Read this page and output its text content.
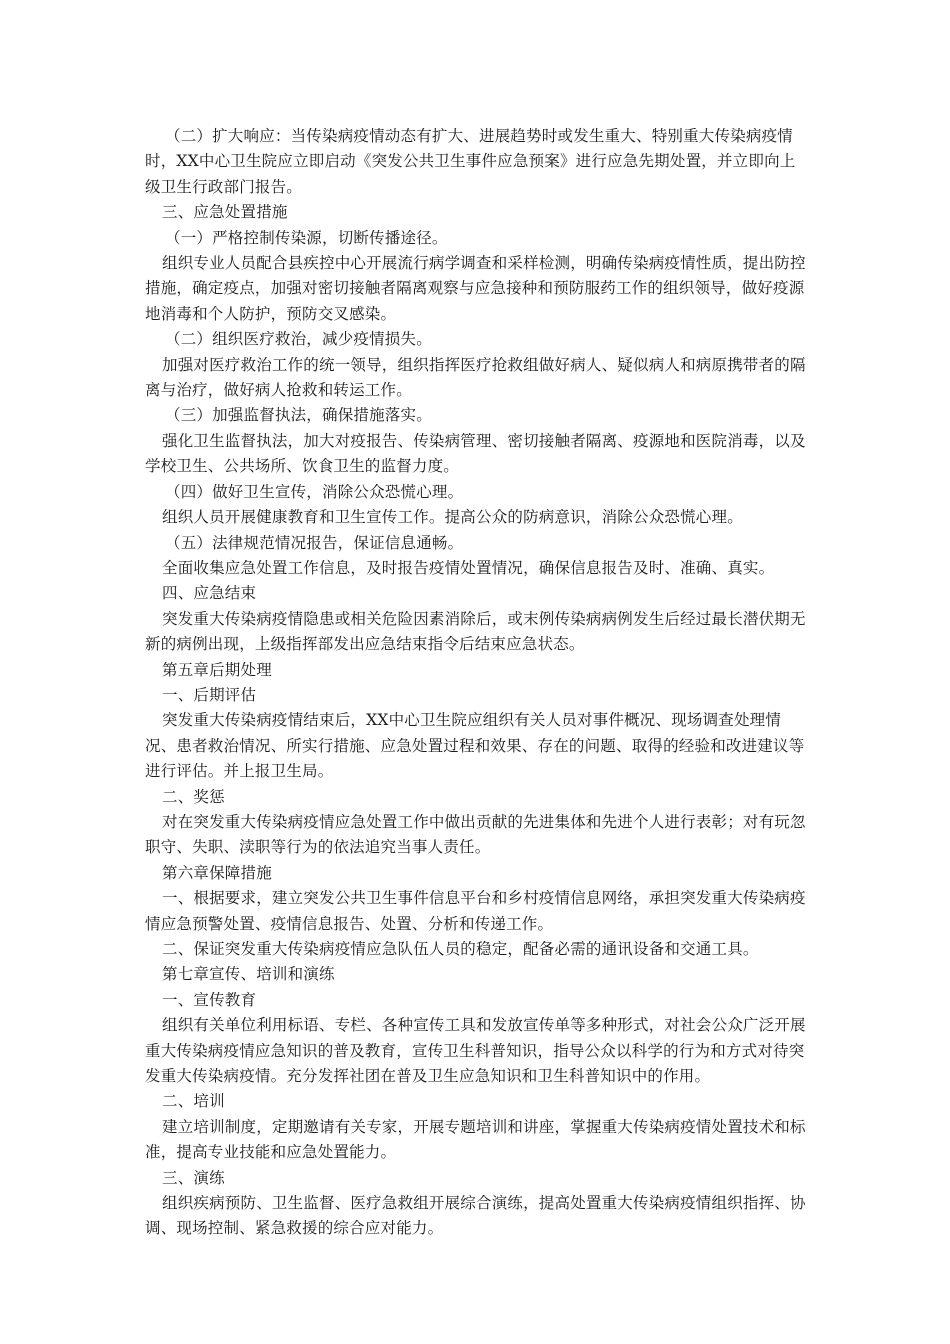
（二）扩大响应：当传染病疫情动态有扩大、进展趋势时或发生重大、特别重大传染病疫情时，XX中心卫生院应立即启动《突发公共卫生事件应急预案》进行应急先期处置，并立即向上级卫生行政部门报告。

三、应急处置措施

（一）严格控制传染源，切断传播途径。

组织专业人员配合县疾控中心开展流行病学调查和采样检测，明确传染病疫情性质，提出防控措施，确定疫点，加强对密切接触者隔离观察与应急接种和预防服药工作的组织领导，做好疫源地消毒和个人防护，预防交叉感染。

（二）组织医疗救治，减少疫情损失。

加强对医疗救治工作的统一领导，组织指挥医疗抢救组做好病人、疑似病人和病原携带者的隔离与治疗，做好病人抢救和转运工作。

（三）加强监督执法，确保措施落实。

强化卫生监督执法，加大对疫报告、传染病管理、密切接触者隔离、疫源地和医院消毒，以及学校卫生、公共场所、饮食卫生的监督力度。

（四）做好卫生宣传，消除公众恐慌心理。

组织人员开展健康教育和卫生宣传工作。提高公众的防病意识，消除公众恐慌心理。

（五）法律规范情况报告，保证信息通畅。

全面收集应急处置工作信息，及时报告疫情处置情况，确保信息报告及时、准确、真实。

四、应急结束

突发重大传染病疫情隐患或相关危险因素消除后，或末例传染病病例发生后经过最长潜伏期无新的病例出现，上级指挥部发出应急结束指令后结束应急状态。

第五章后期处理

一、后期评估

突发重大传染病疫情结束后，XX中心卫生院应组织有关人员对事件概况、现场调查处理情况、患者救治情况、所实行措施、应急处置过程和效果、存在的问题、取得的经验和改进建议等进行评估。并上报卫生局。

二、奖惩

对在突发重大传染病疫情应急处置工作中做出贡献的先进集体和先进个人进行表彰；对有玩忽职守、失职、渎职等行为的依法追究当事人责任。

第六章保障措施

一、根据要求，建立突发公共卫生事件信息平台和乡村疫情信息网络，承担突发重大传染病疫情应急预警处置、疫情信息报告、处置、分析和传递工作。

二、保证突发重大传染病疫情应急队伍人员的稳定，配备必需的通讯设备和交通工具。

第七章宣传、培训和演练

一、宣传教育

组织有关单位利用标语、专栏、各种宣传工具和发放宣传单等多种形式，对社会公众广泛开展重大传染病疫情应急知识的普及教育，宣传卫生科普知识，指导公众以科学的行为和方式对待突发重大传染病疫情。充分发挥社团在普及卫生应急知识和卫生科普知识中的作用。

二、培训

建立培训制度，定期邀请有关专家，开展专题培训和讲座，掌握重大传染病疫情处置技术和标准，提高专业技能和应急处置能力。

三、演练

组织疾病预防、卫生监督、医疗急救组开展综合演练，提高处置重大传染病疫情组织指挥、协调、现场控制、紧急救援的综合应对能力。
